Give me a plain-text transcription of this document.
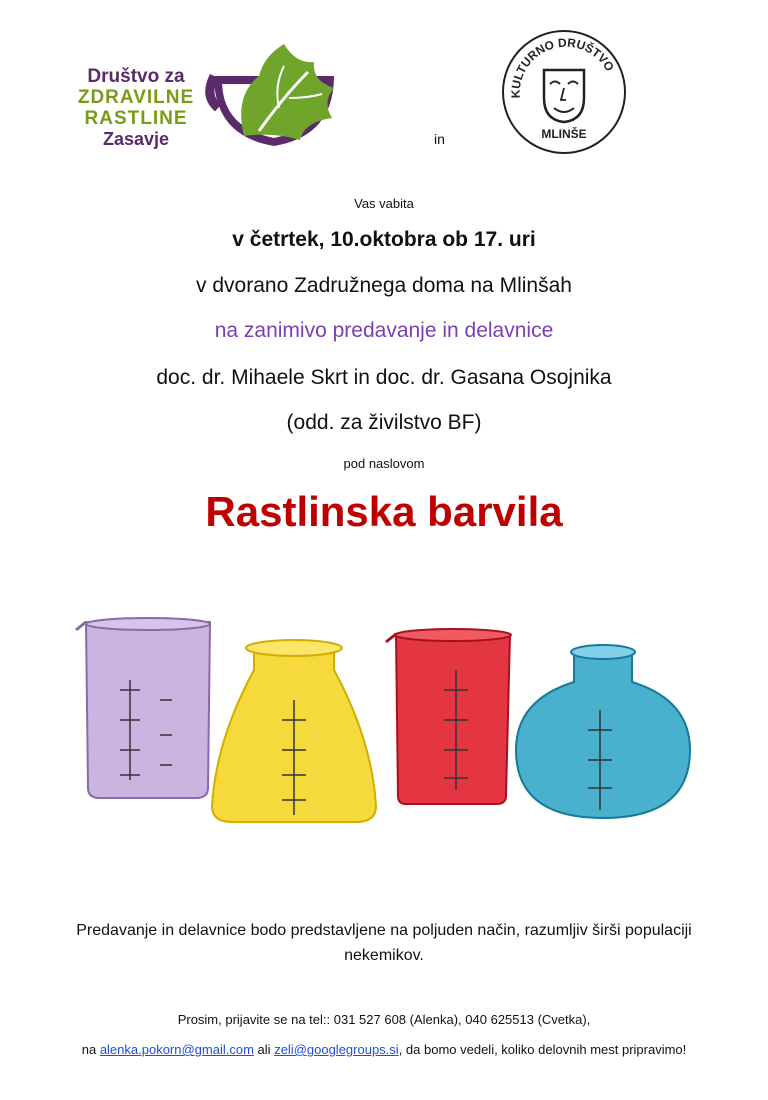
Društvo za
ZDRAVILNE
RASTLINE
Zasavje	in
KULTURNO DRUŠTVO
MLINŠE
Vas vabita
v četrtek, 10.oktobra ob 17. uri
v dvorano Zadružnega doma na Mlinšah
na zanimivo predavanje in delavnice
doc. dr. Mihaele Skrt in doc. dr. Gasana Osojnika
(odd. za živilstvo BF)
pod naslovom
Rastlinska barvila
Predavanje in delavnice bodo predstavljene na poljuden način, razumljiv širši populaciji
nekemikov.
Prosim, prijavite se na tel:: 031 527 608 (Alenka), 040 625513 (Cvetka),
na alenka.pokorn@gmail.com ali zeli@googlegroups.si, da bomo vedeli, koliko delovnih mest pripravimo!
